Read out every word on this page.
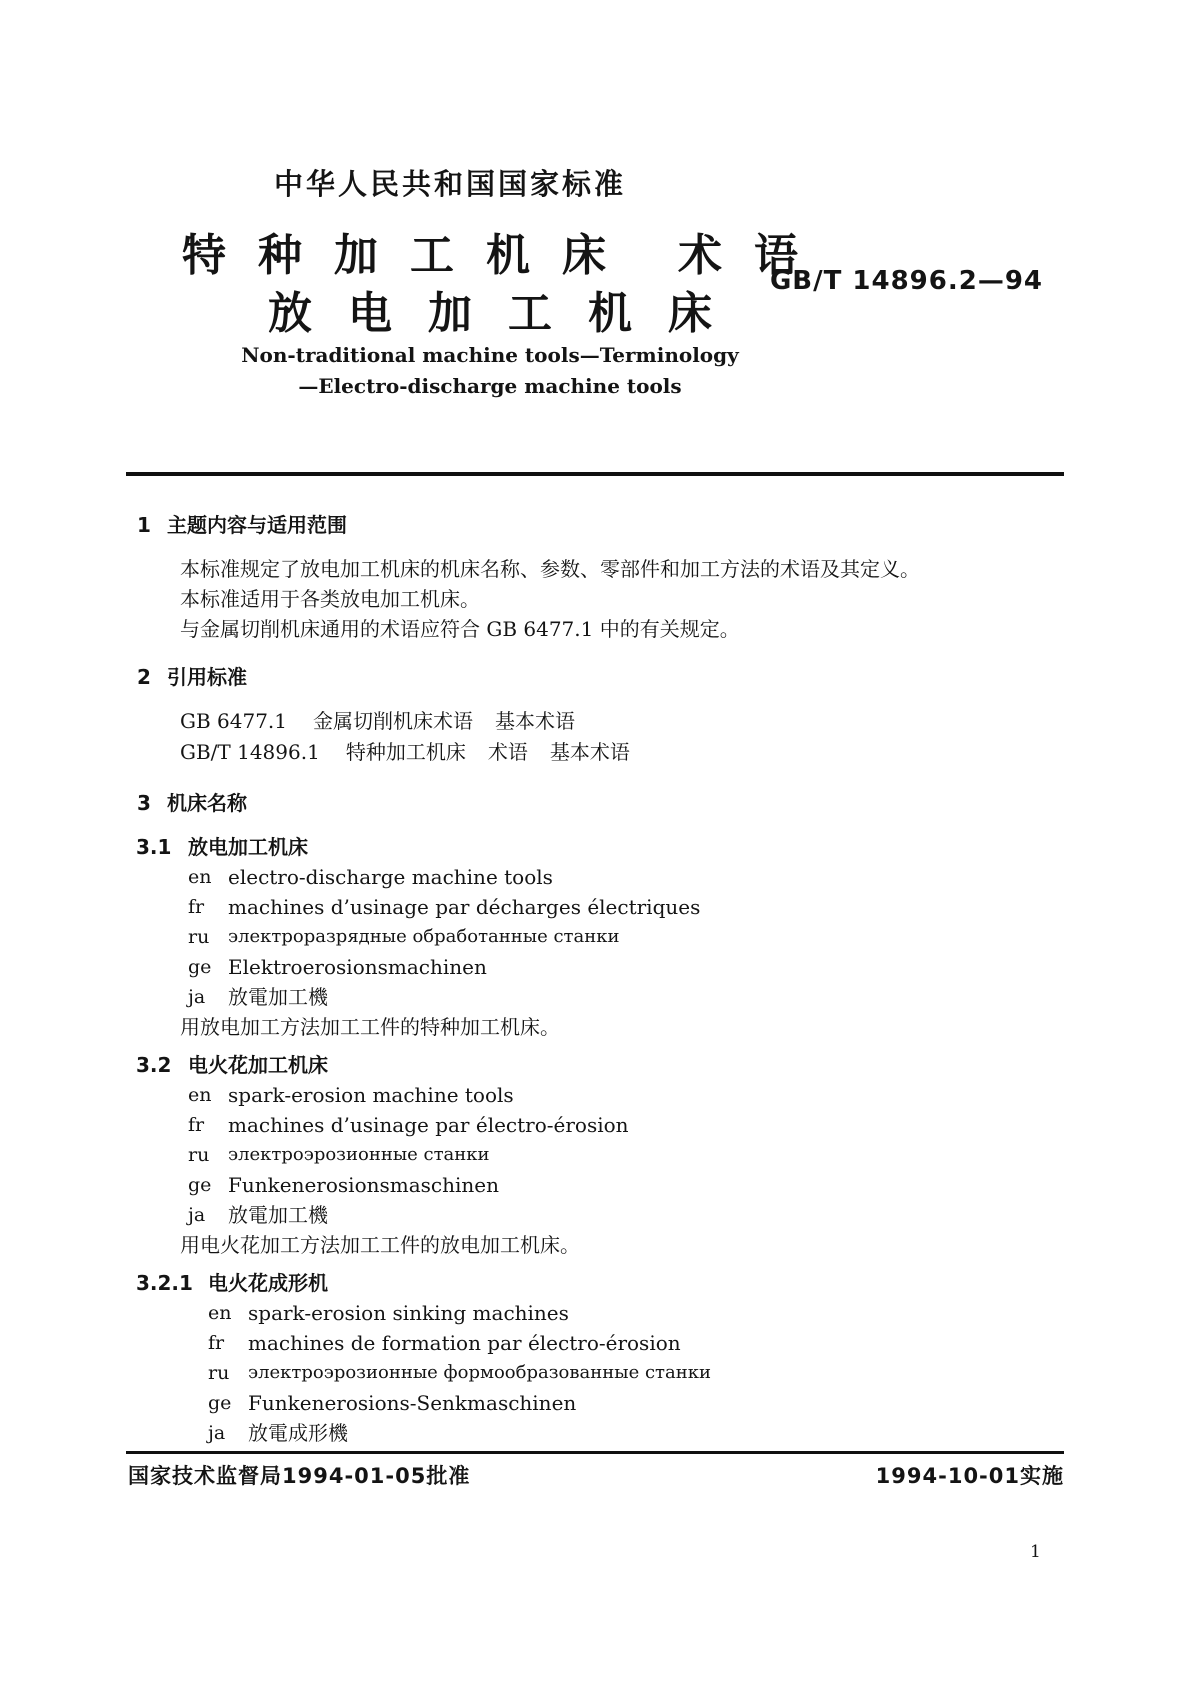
中华人民共和国国家标准
特种加工机床 术语
放电加工机床
GB/T 14896.2—94
Non-traditional machine tools—Terminology
—Electro-discharge machine tools
1 主题内容与适用范围

本标准规定了放电加工机床的机床名称、参数、零部件和加工方法的术语及其定义。

本标准适用于各类放电加工机床。

与金属切削机床通用的术语应符合 GB 6477.1 中的有关规定。

2 引用标准
GB 6477.1 金属切削机床术语 基本术语
GB/T 14896.1 特种加工机床 术语 基本术语
3 机床名称
3.1 放电加工机床
en electro-discharge machine tools
fr	machines d’usinage par décharges électriques
ru	электроразрядные обработанные станки
ge Elektroerosionsmachinen
ja	放電加工機
用放电加工方法加工工件的特种加工机床。
3.2 电火花加工机床
en spark-erosion machine tools
fr	machines d’usinage par électro-érosion
ru	электроэрозионные станки
ge Funkenerosionsmaschinen
ja	放電加工機
用电火花加工方法加工工件的放电加工机床。
3.2.1 电火花成形机
en spark-erosion sinking machines
fr	machines de formation par électro-érosion
ru	электроэрозионные формообразованные станки
ge Funkenerosions-Senkmaschinen
ja	放電成形機
国家技术监督局1994-01-05批准	1994-10-01实施
1
